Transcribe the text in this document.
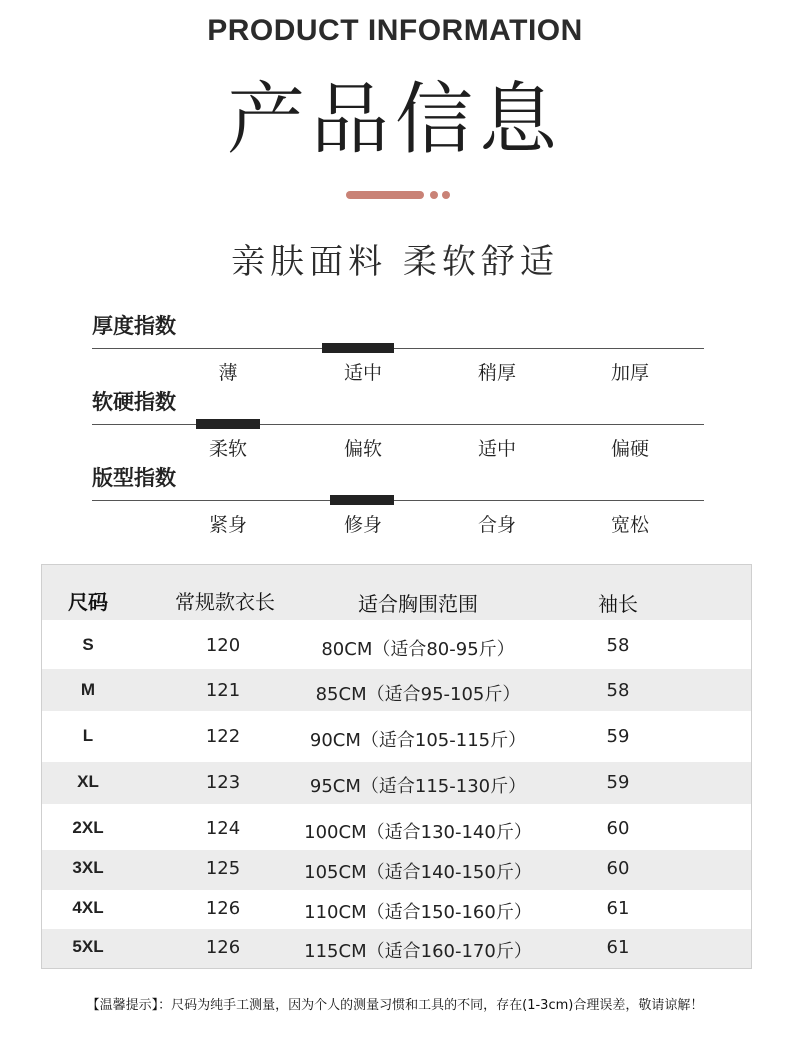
PRODUCT INFORMATION
产品信息
亲肤面料 柔软舒适
厚度指数
薄	适中	稍厚	加厚
软硬指数
柔软	偏软	适中	偏硬
版型指数
紧身	修身	合身	宽松
尺码	常规款衣长	适合胸围范围	袖长
S	120	80CM（适合80-95斤）	58
M	121	85CM（适合95-105斤）	58
L	122	90CM（适合105-115斤）	59
XL	123	95CM（适合115-130斤）	59
2XL	124	100CM（适合130-140斤）	60
3XL	125	105CM（适合140-150斤）	60
4XL	126	110CM（适合150-160斤）	61
5XL	126	115CM（适合160-170斤）	61
【温馨提示】：尺码为纯手工测量，因为个人的测量习惯和工具的不同，存在(1-3cm)合理误差，敬请谅解！
